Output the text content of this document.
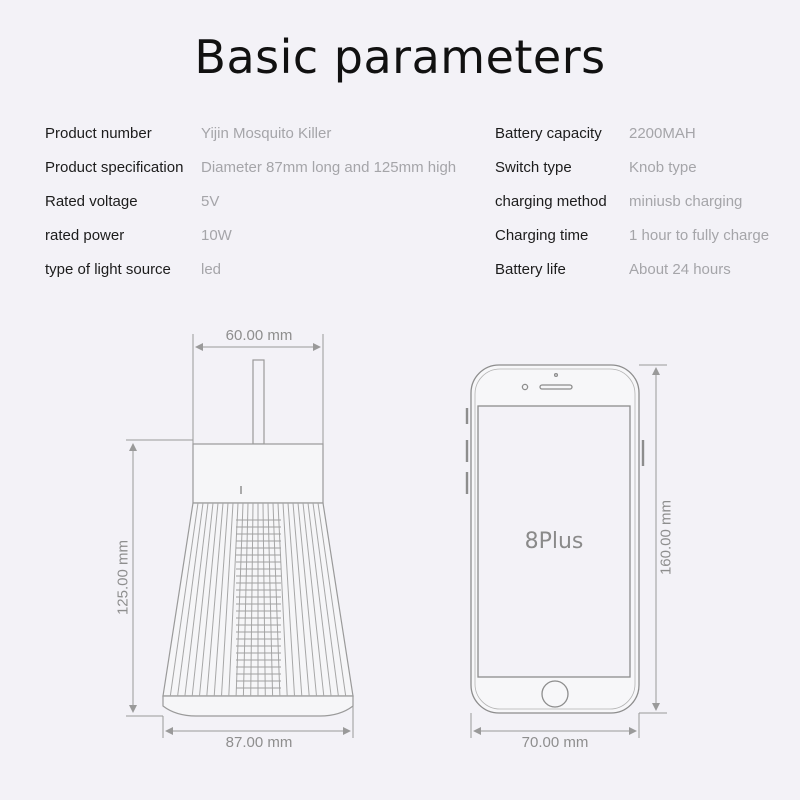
Basic parameters
Product number	Yijin Mosquito Killer
Product specification Diameter 87mm long and 125mm high
Rated voltage	5V
rated power	10W
type of light source led
Battery capacity 2200MAH
Switch type	Knob type
charging method miniusb charging
Charging time	1 hour to fully charge
Battery life	About 24 hours
8Plus
60.00 mm
125.00 mm
87.00 mm
160.00 mm
70.00 mm
